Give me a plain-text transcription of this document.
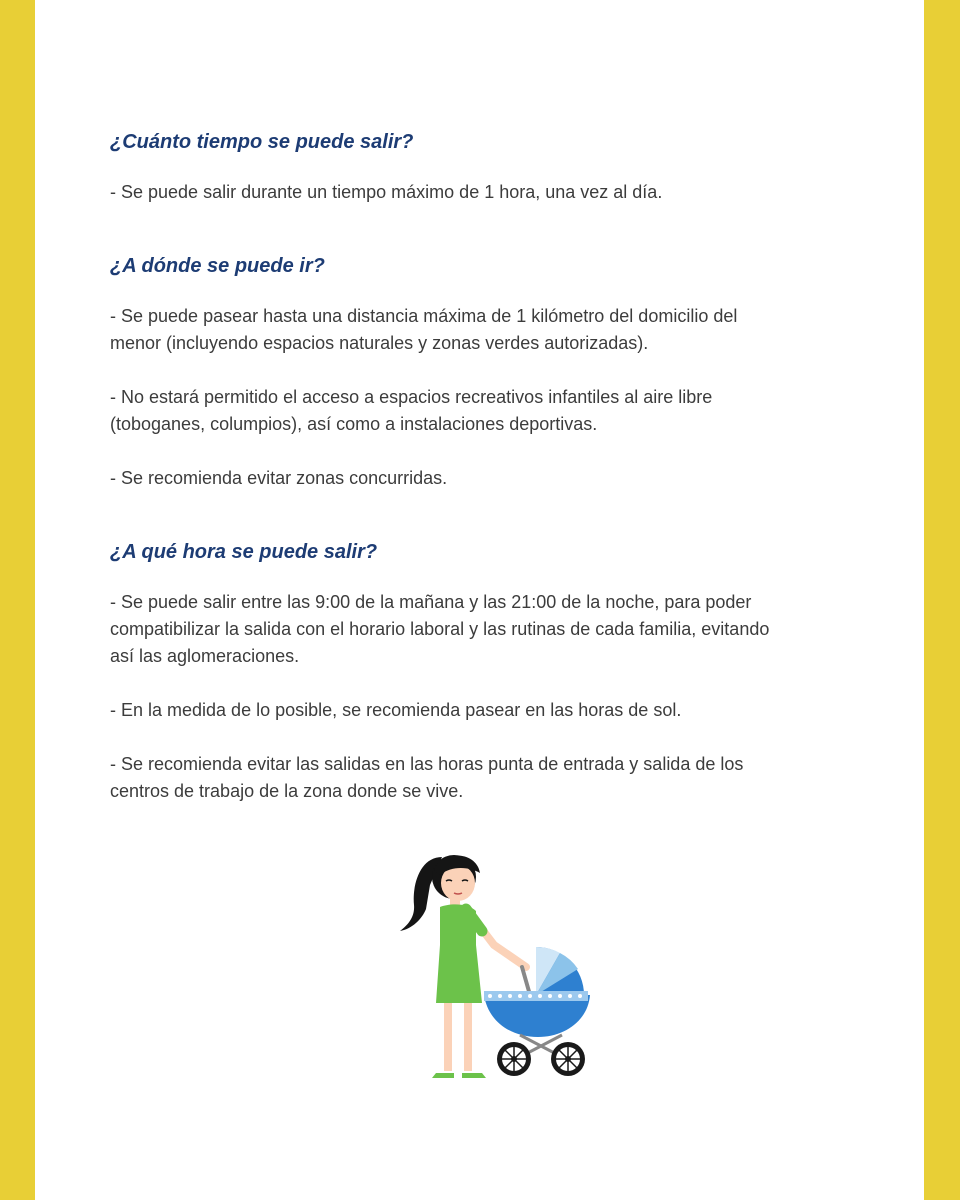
¿Cuánto tiempo se puede salir?

- Se puede salir durante un tiempo máximo de 1 hora, una vez al día.

¿A dónde se puede ir?

- Se puede pasear hasta una distancia máxima de 1 kilómetro del domicilio del
menor (incluyendo espacios naturales y zonas verdes autorizadas).

- No estará permitido el acceso a espacios recreativos infantiles al aire libre
(toboganes, columpios), así como a instalaciones deportivas.

- Se recomienda evitar zonas concurridas.

¿A qué hora se puede salir?

- Se puede salir entre las 9:00 de la mañana y las 21:00 de la noche, para poder
compatibilizar la salida con el horario laboral y las rutinas de cada familia, evitando
así las aglomeraciones.

- En la medida de lo posible, se recomienda pasear en las horas de sol.

- Se recomienda evitar las salidas en las horas punta de entrada y salida de los
centros de trabajo de la zona donde se vive.
